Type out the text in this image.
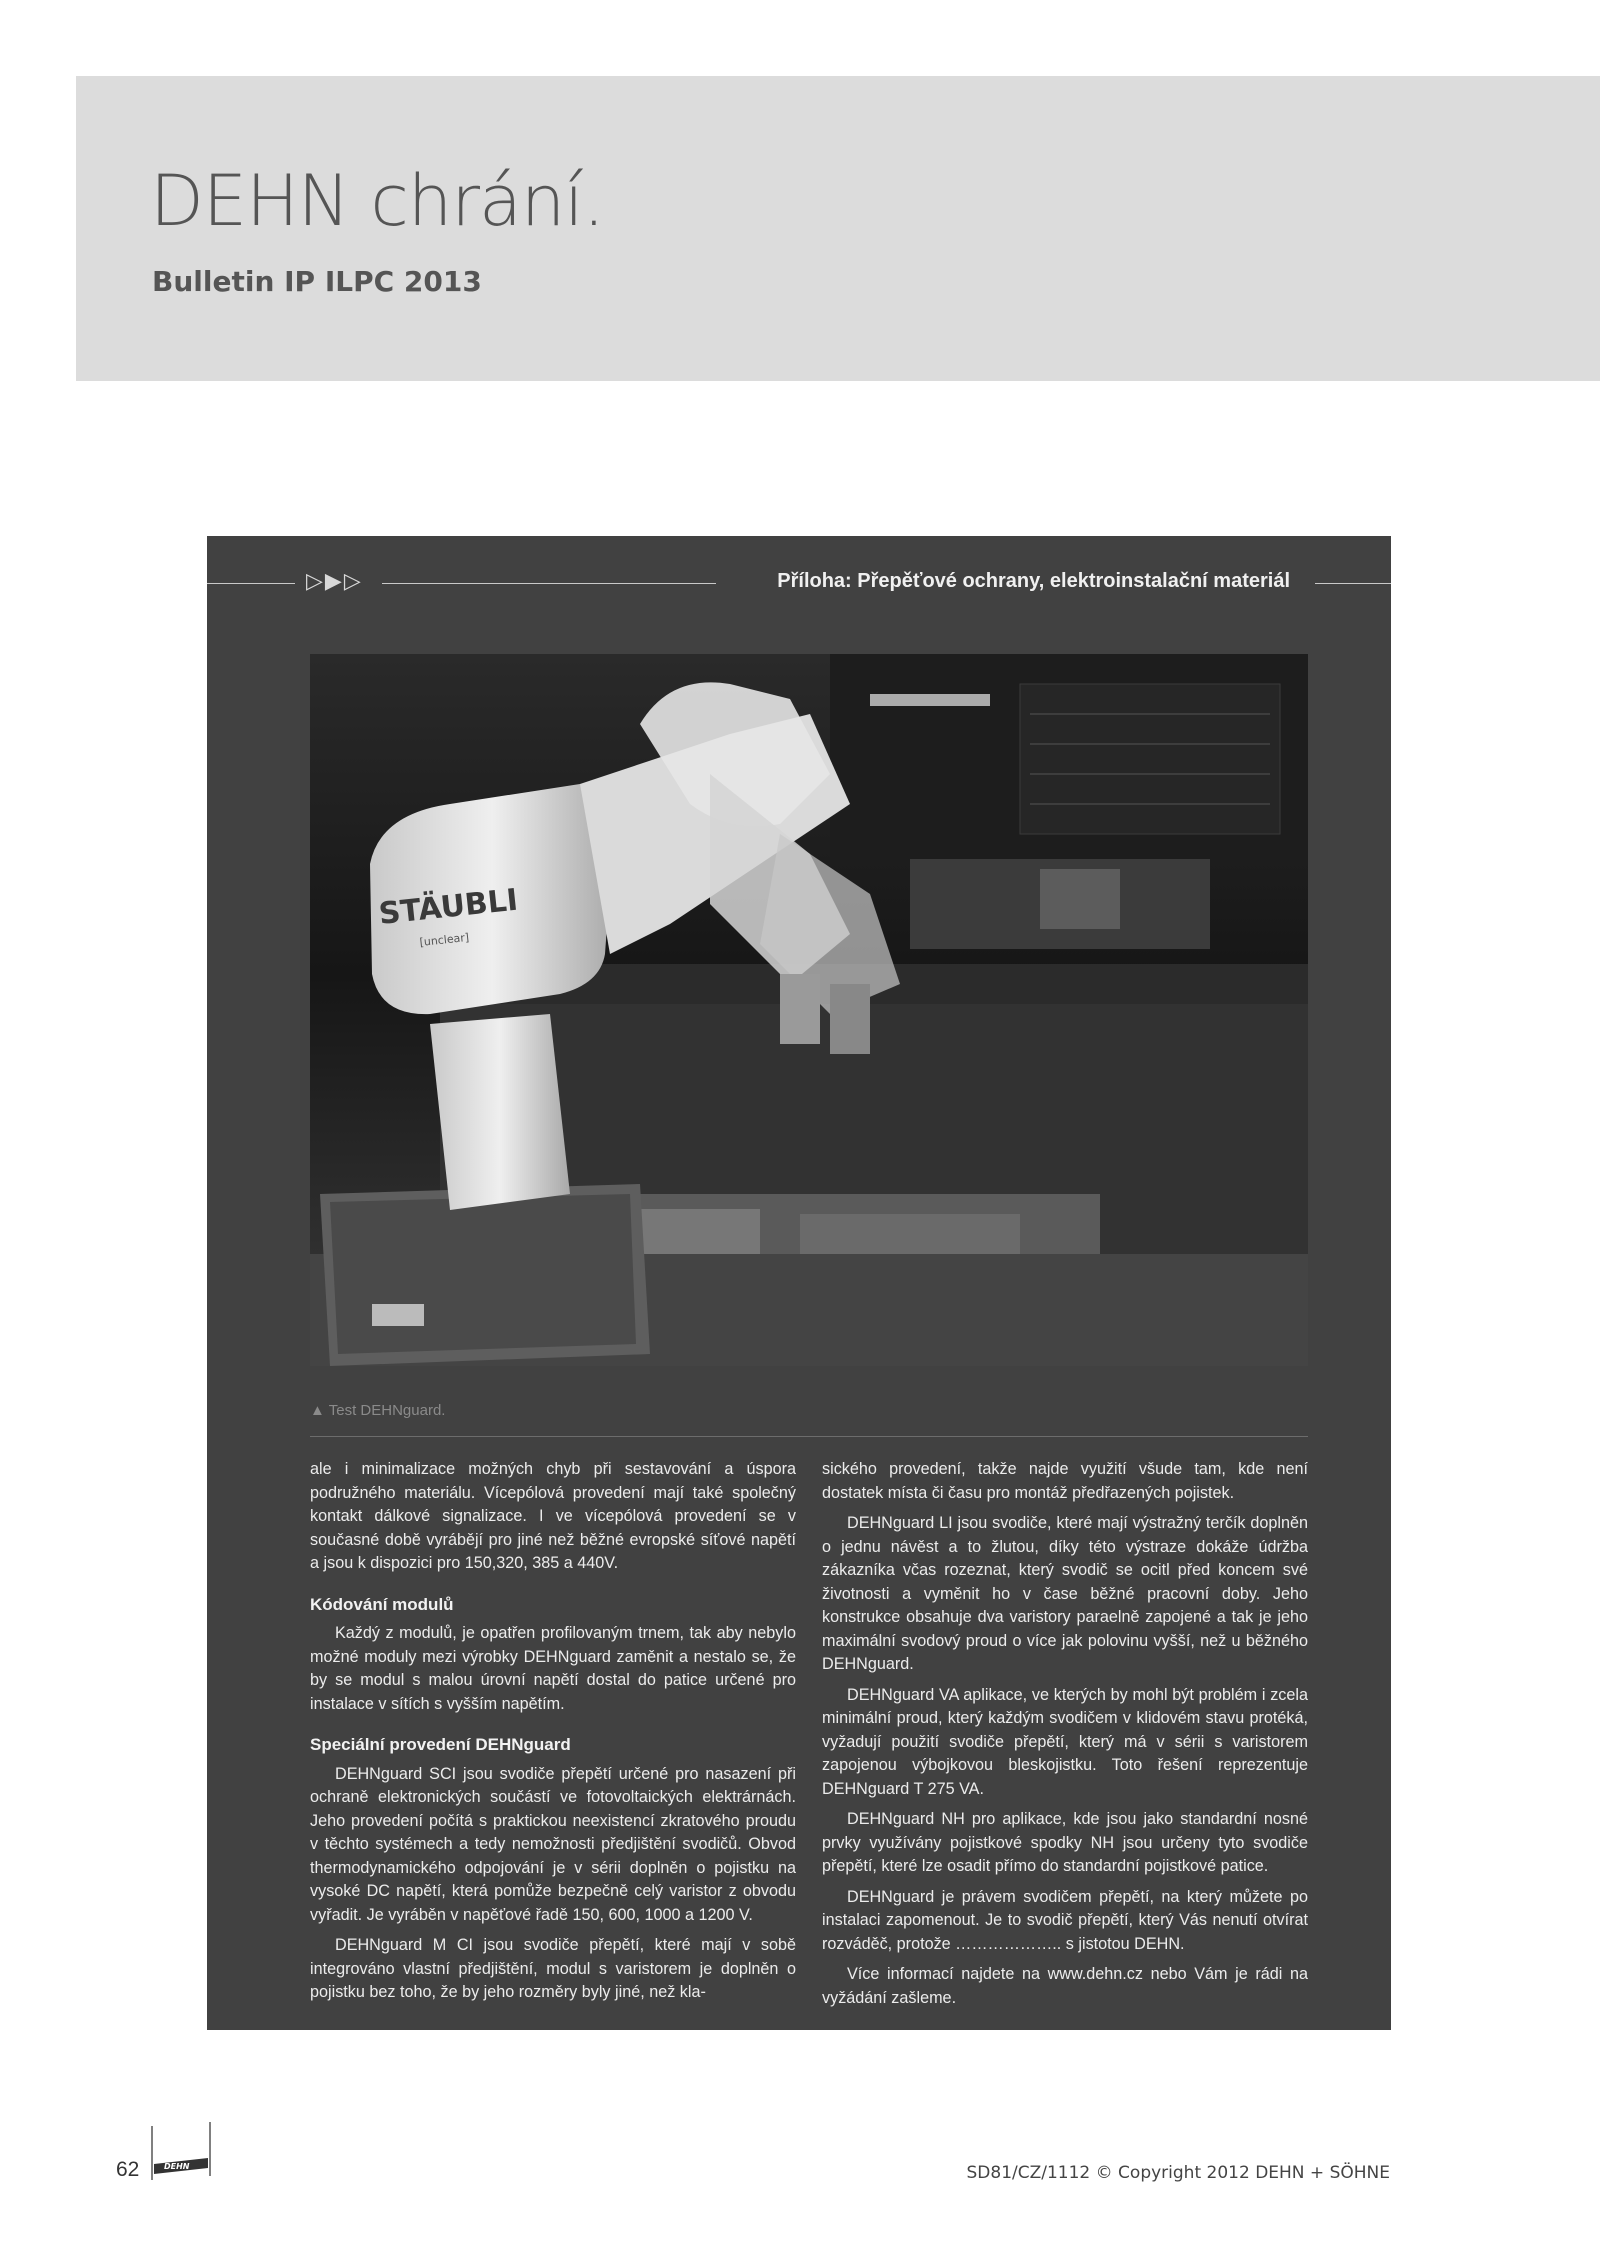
DEHN chrání.
Bulletin IP ILPC 2013
▷▶▷	Příloha: Přepěťové ochrany, elektroinstalační materiál
STÄUBLI
[unclear]
▲ Test DEHNguard.

ale i minimalizace možných chyb při sestavování a úspora podružného materiálu. Vícepólová provedení mají také společný kontakt dálkové signalizace. I ve vícepólová provedení se v současné době vyrábějí pro jiné než běžné evropské síťové napětí a jsou k dispozici pro 150,320, 385 a 440V.

Kódování modulů

Každý z modulů, je opatřen profilovaným trnem, tak aby nebylo možné moduly mezi výrobky DEHNguard zaměnit a nestalo se, že by se modul s malou úrovní napětí dostal do patice určené pro instalace v sítích s vyšším napětím.

Speciální provedení DEHNguard

DEHNguard SCI jsou svodiče přepětí určené pro nasazení při ochraně elektronických součástí ve fotovoltaických elektrárnách. Jeho provedení počítá s praktickou neexistencí zkratového proudu v těchto systémech a tedy nemožnosti předjištění svodičů. Obvod thermodynamického odpojování je v sérii doplněn o pojistku na vysoké DC napětí, která pomůže bezpečně celý varistor z obvodu vyřadit. Je vyráběn v napěťové řadě 150, 600, 1000 a 1200 V.

DEHNguard M CI jsou svodiče přepětí, které mají v sobě integrováno vlastní předjištění, modul s varistorem je doplněn o pojistku bez toho, že by jeho rozměry byly jiné, než kla-

sického provedení, takže najde využití všude tam, kde není dostatek místa či času pro montáž předřazených pojistek.

DEHNguard LI jsou svodiče, které mají výstražný terčík doplněn o jednu návěst a to žlutou, díky této výstraze dokáže údržba zákazníka včas rozeznat, který svodič se ocitl před koncem své životnosti a vyměnit ho v čase běžné pracovní doby. Jeho konstrukce obsahuje dva varistory paraelně zapojené a tak je jeho maximální svodový proud o více jak polovinu vyšší, než u běžného DEHNguard.

DEHNguard VA aplikace, ve kterých by mohl být problém i zcela minimální proud, který každým svodičem v klidovém stavu protéká, vyžadují použití svodiče přepětí, který má v sérii s varistorem zapojenou výbojkovou bleskojistku. Toto řešení reprezentuje DEHNguard T 275 VA.

DEHNguard NH pro aplikace, kde jsou jako standardní nosné prvky využívány pojistkové spodky NH jsou určeny tyto svodiče přepětí, které lze osadit přímo do standardní pojistkové patice.

DEHNguard je právem svodičem přepětí, na který můžete po instalaci zapomenout. Je to svodič přepětí, který Vás nenutí otvírat rozváděč, protože ……………….. s jistotou DEHN.

Více informací najdete na www.dehn.cz nebo Vám je rádi na vyžádání zašleme.

62	DEHN	SD81/CZ/1112 © Copyright 2012 DEHN + SÖHNE
